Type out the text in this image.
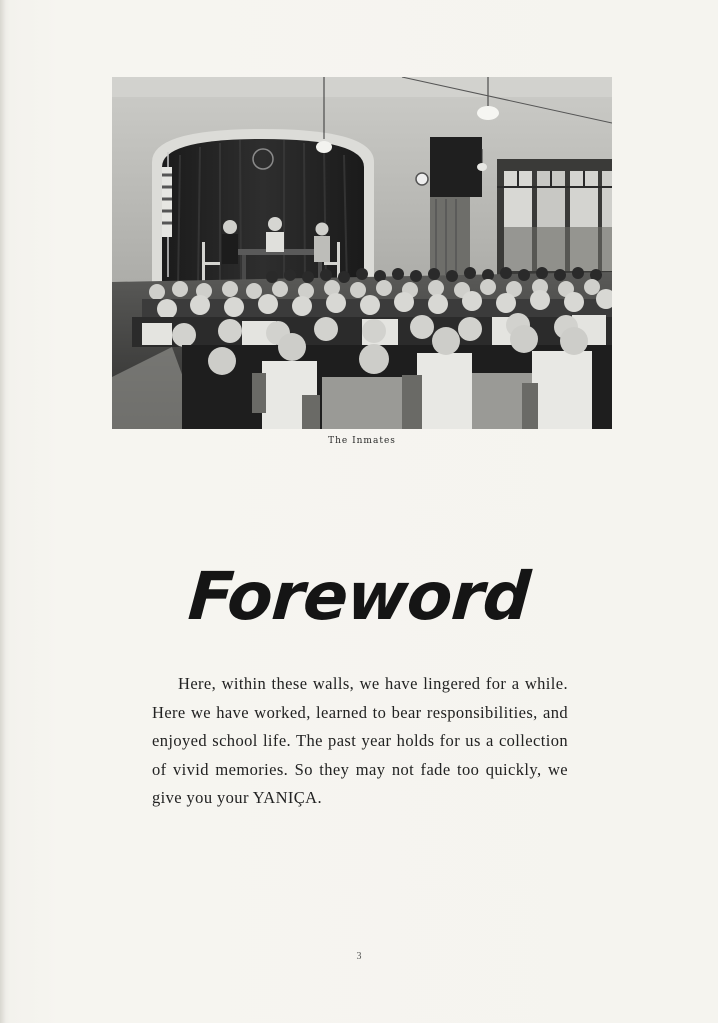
The Inmates
Foreword

Here, within these walls, we have lingered for a while. Here we have worked, learned to bear responsibilities, and enjoyed school life. The past year holds for us a collection of vivid memories. So they may not fade too quickly, we give you your YANIÇA.

3
